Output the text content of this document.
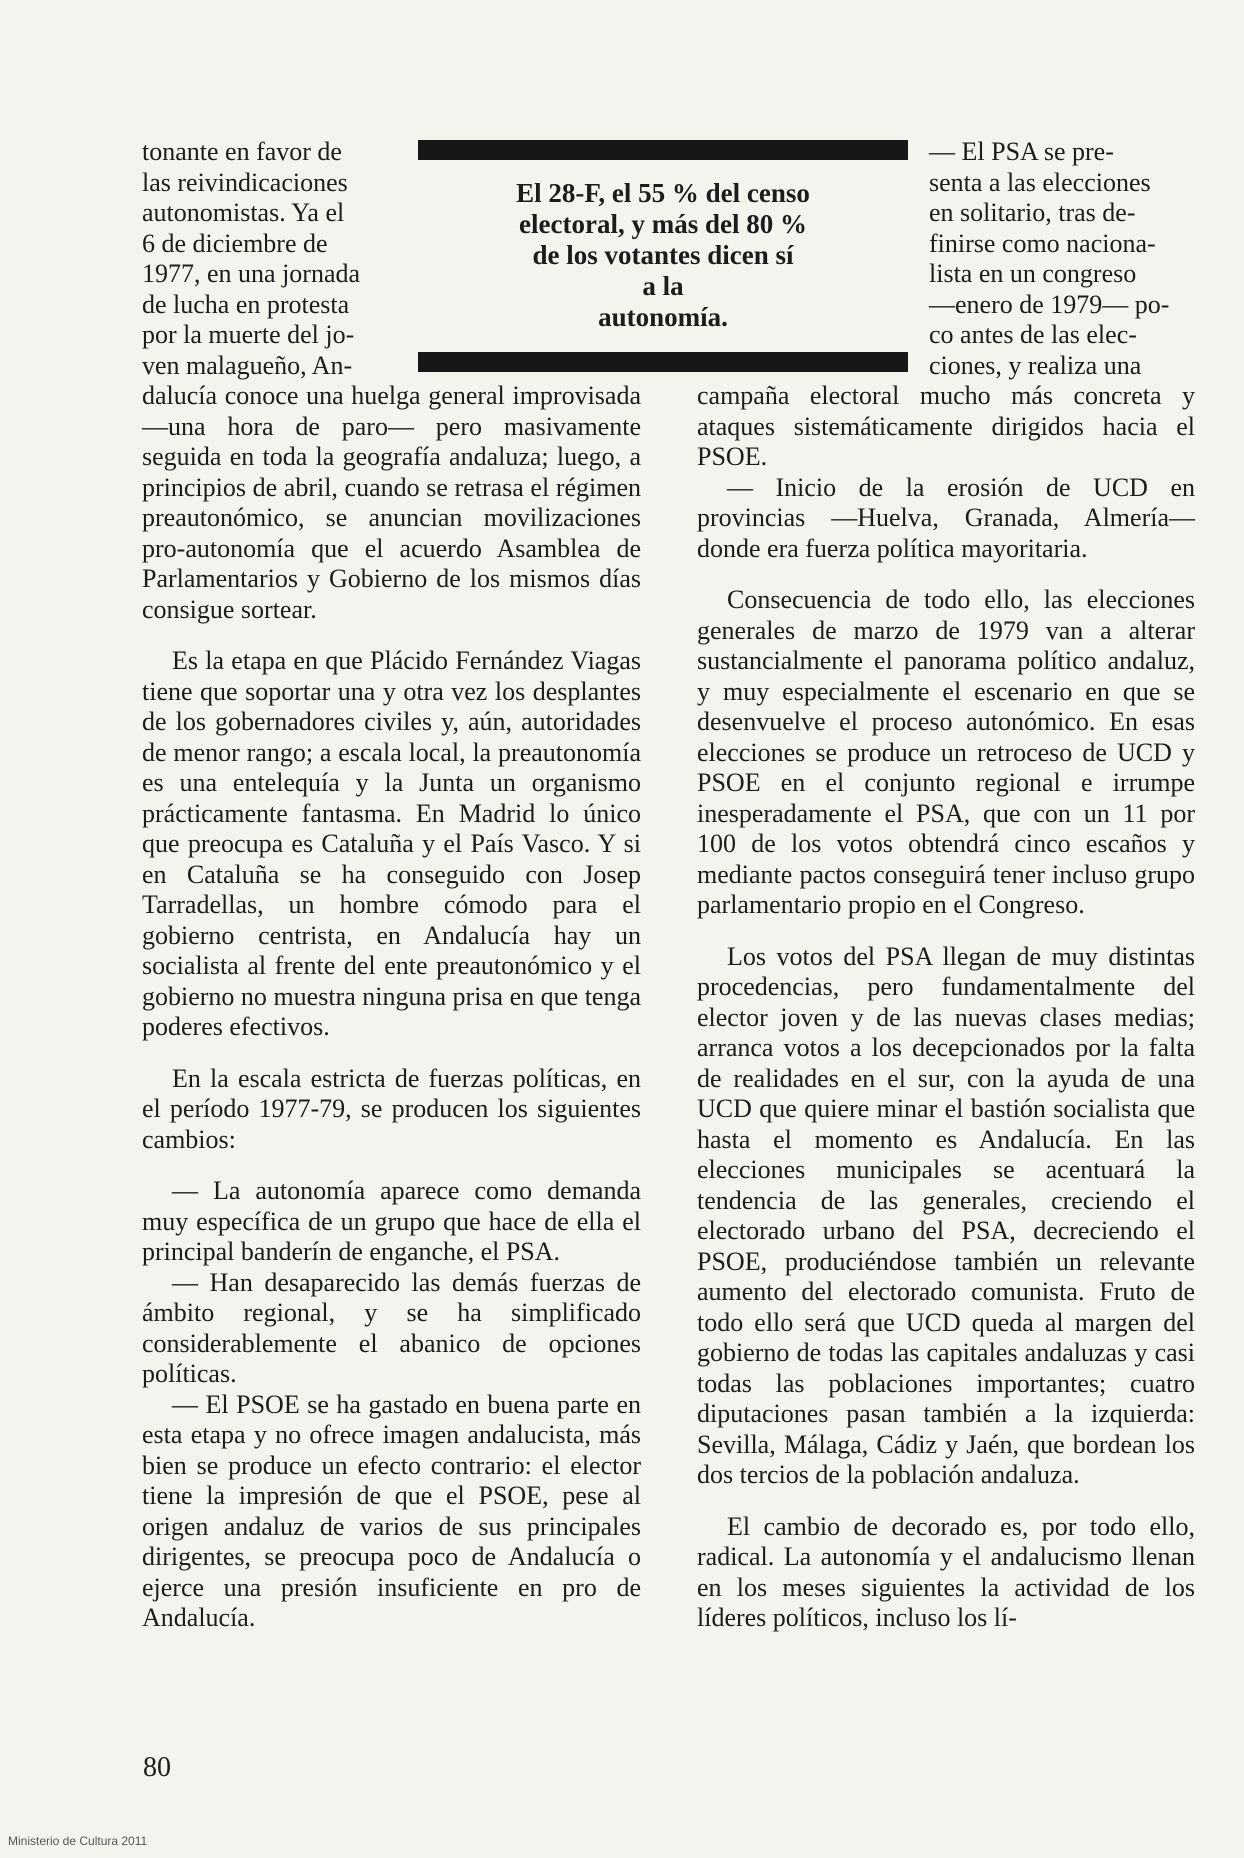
tonante en favor de

las reivindicaciones

autonomistas. Ya el

6 de diciembre de

1977, en una jornada

de lucha en protesta

por la muerte del jo-

ven malagueño, An-

dalucía conoce una huelga general improvisada —una hora de paro— pero masivamente seguida en toda la geografía andaluza; luego, a principios de abril, cuando se retrasa el régimen preautonómico, se anuncian movilizaciones pro-autonomía que el acuerdo Asamblea de Parlamentarios y Gobierno de los mismos días consigue sortear.

Es la etapa en que Plácido Fernández Viagas tiene que soportar una y otra vez los desplantes de los gobernadores civiles y, aún, autoridades de menor rango; a escala local, la preautonomía es una entelequía y la Junta un organismo prácticamente fantasma. En Madrid lo único que preocupa es Cataluña y el País Vasco. Y si en Cataluña se ha conseguido con Josep Tarradellas, un hombre cómodo para el gobierno centrista, en Andalucía hay un socialista al frente del ente preautonómico y el gobierno no muestra ninguna prisa en que tenga poderes efectivos.

En la escala estricta de fuerzas políticas, en el período 1977-79, se producen los siguientes cambios:

— La autonomía aparece como demanda muy específica de un grupo que hace de ella el principal banderín de enganche, el PSA.

— Han desaparecido las demás fuerzas de ámbito regional, y se ha simplificado considerablemente el abanico de opciones políticas.

— El PSOE se ha gastado en buena parte en esta etapa y no ofrece imagen andalucista, más bien se produce un efecto contrario: el elector tiene la impresión de que el PSOE, pese al origen andaluz de varios de sus principales dirigentes, se preocupa poco de Andalucía o ejerce una presión insuficiente en pro de Andalucía.

El 28-F, el 55 % del censo
electoral, y más del 80 %
de los votantes dicen sí
a la
autonomía.

— El PSA se pre-

senta a las elecciones

en solitario, tras de-

finirse como naciona-

lista en un congreso

—enero de 1979— po-

co antes de las elec-

ciones, y realiza una

campaña electoral mucho más concreta y ataques sistemáticamente dirigidos hacia el PSOE.

— Inicio de la erosión de UCD en provincias —Huelva, Granada, Almería— donde era fuerza política mayoritaria.

Consecuencia de todo ello, las elecciones generales de marzo de 1979 van a alterar sustancialmente el panorama político andaluz, y muy especialmente el escenario en que se desenvuelve el proceso autonómico. En esas elecciones se produce un retroceso de UCD y PSOE en el conjunto regional e irrumpe inesperadamente el PSA, que con un 11 por 100 de los votos obtendrá cinco escaños y mediante pactos conseguirá tener incluso grupo parlamentario propio en el Congreso.

Los votos del PSA llegan de muy distintas procedencias, pero fundamentalmente del elector joven y de las nuevas clases medias; arranca votos a los decepcionados por la falta de realidades en el sur, con la ayuda de una UCD que quiere minar el bastión socialista que hasta el momento es Andalucía. En las elecciones municipales se acentuará la tendencia de las generales, creciendo el electorado urbano del PSA, decreciendo el PSOE, produciéndose también un relevante aumento del electorado comunista. Fruto de todo ello será que UCD queda al margen del gobierno de todas las capitales andaluzas y casi todas las poblaciones importantes; cuatro diputaciones pasan también a la izquierda: Sevilla, Málaga, Cádiz y Jaén, que bordean los dos tercios de la población andaluza.

El cambio de decorado es, por todo ello, radical. La autonomía y el andalucismo llenan en los meses siguientes la actividad de los líderes políticos, incluso los lí-

80
Ministerio de Cultura 2011
